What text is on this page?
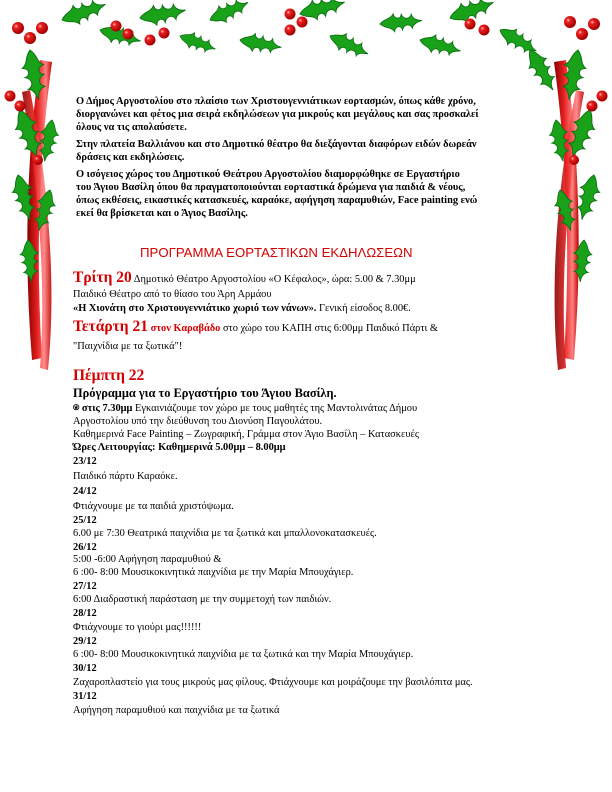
Ο Δήμος Αργοστολίου στο πλαίσιο των Χριστουγεννιάτικων εορτασμών, όπως κάθε χρόνο,
διοργανώνει και φέτος μια σειρά εκδηλώσεων για μικρούς και μεγάλους και σας προσκαλεί
όλους να τις απολαύσετε.
Στην πλατεία Βαλλιάνου και στο Δημοτικό θέατρο θα διεξάγονται διαφόρων ειδών δωρεάν
δράσεις και εκδηλώσεις.
Ο ισόγειος χώρος του Δημοτικού Θεάτρου Αργοστολίου διαμορφώθηκε σε Εργαστήριο
του Άγιου Βασίλη όπου θα πραγματοποιούνται εορταστικά δρώμενα για παιδιά & νέους,
όπως εκθέσεις, εικαστικές κατασκευές, καραόκε, αφήγηση παραμυθιών, Face painting ενώ
εκεί θα βρίσκεται και ο Άγιος Βασίλης.
ΠΡΟΓΡΑΜΜΑ ΕΟΡΤΑΣΤΙΚΩΝ ΕΚΔΗΛΩΣΕΩΝ
Τρίτη 20 Δημοτικό Θέατρο Αργοστολίου «Ο Κέφαλος», ώρα: 5.00 & 7.30μμ
Παιδικό Θέατρο από το θίασο του Άρη Αρμάου
«Η Χιονάτη στο Χριστουγεννιάτικο χωριό των νάνων». Γενική είσοδος 8.00€.
Τετάρτη 21 στον Καραβάδο στο χώρο του ΚΑΠΗ στις 6:00μμ Παιδικό Πάρτι &
"Παιχνίδια με τα ξωτικά"!
Πέμπτη 22
Πρόγραμμα για το Εργαστήριο του Άγιου Βασίλη.
⍟ στις 7.30μμ Εγκαινιάζουμε τον χώρο με τους μαθητές της Μαντολινάτας Δήμου
Αργοστολίου υπό την διεύθυνση του Διονύση Παγουλάτου.
Καθημερινά Face Painting – Ζωγραφική, Γράμμα στον Άγιο Βασίλη – Κατασκευές
Ώρες Λειτουργίας: Καθημερινά 5.00μμ – 8.00μμ
23/12
Παιδικό πάρτυ Καραόκε.
24/12
Φτιάχνουμε με τα παιδιά χριστόψωμα.
25/12
6.00 με 7:30 Θεατρικά παιχνίδια με τα ξωτικά και μπαλλονοκατασκευές.
26/12
5:00 -6:00 Αφήγηση παραμυθιού &
6 :00- 8:00 Μουσικοκινητικά παιχνίδια με την Μαρία Μπουχάγιερ.
27/12
6:00 Διαδραστική παράσταση με την συμμετοχή των παιδιών.
28/12
Φτιάχνουμε το γιούρι μας!!!!!!
29/12
6 :00- 8:00 Μουσικοκινητικά παιχνίδια με τα ξωτικά και την Μαρία Μπουχάγιερ.
30/12
Ζαχαροπλαστείο για τους μικρούς μας φίλους. Φτιάχνουμε και μοιράζουμε την βασιλόπιτα μας.
31/12
Αφήγηση παραμυθιού και παιχνίδια με τα ξωτικά
